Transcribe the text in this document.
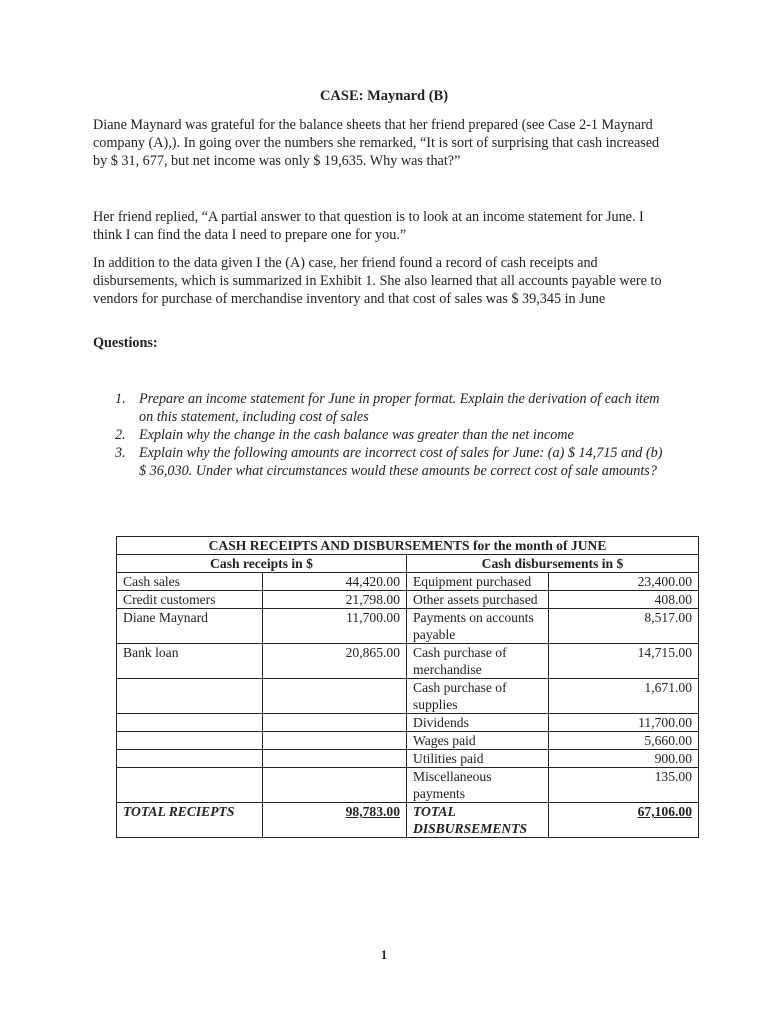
CASE: Maynard (B)

Diane Maynard was grateful for the balance sheets that her friend prepared (see Case 2-1 Maynard company (A),). In going over the numbers she remarked, “It is sort of surprising that cash increased by $ 31, 677, but net income was only $ 19,635. Why was that?”

Her friend replied, “A partial answer to that question is to look at an income statement for June. I think I can find the data I need to prepare one for you.”

In addition to the data given I the (A) case, her friend found a record of cash receipts and disbursements, which is summarized in Exhibit 1. She also learned that all accounts payable were to vendors for purchase of merchandise inventory and that cost of sales was $ 39,345 in June

Questions:
1. Prepare an income statement for June in proper format. Explain the derivation of each item on this statement, including cost of sales
2. Explain why the change in the cash balance was greater than the net income
3. Explain why the following amounts are incorrect cost of sales for June: (a) $ 14,715 and (b) $ 36,030. Under what circumstances would these amounts be correct cost of sale amounts?
CASH RECEIPTS AND DISBURSEMENTS for the month of JUNE			
Cash receipts in $		Cash disbursements in $	
Cash sales	44,420.00	Equipment purchased	23,400.00
Credit customers	21,798.00	Other assets purchased	408.00
Diane Maynard	11,700.00	Payments on accounts payable	8,517.00
Bank loan	20,865.00	Cash purchase of merchandise	14,715.00
		Cash purchase of supplies	1,671.00
		Dividends	11,700.00
		Wages paid	5,660.00
		Utilities paid	900.00
		Miscellaneous payments	135.00
TOTAL RECIEPTS	98,783.00	TOTAL DISBURSEMENTS	67,106.00
1
